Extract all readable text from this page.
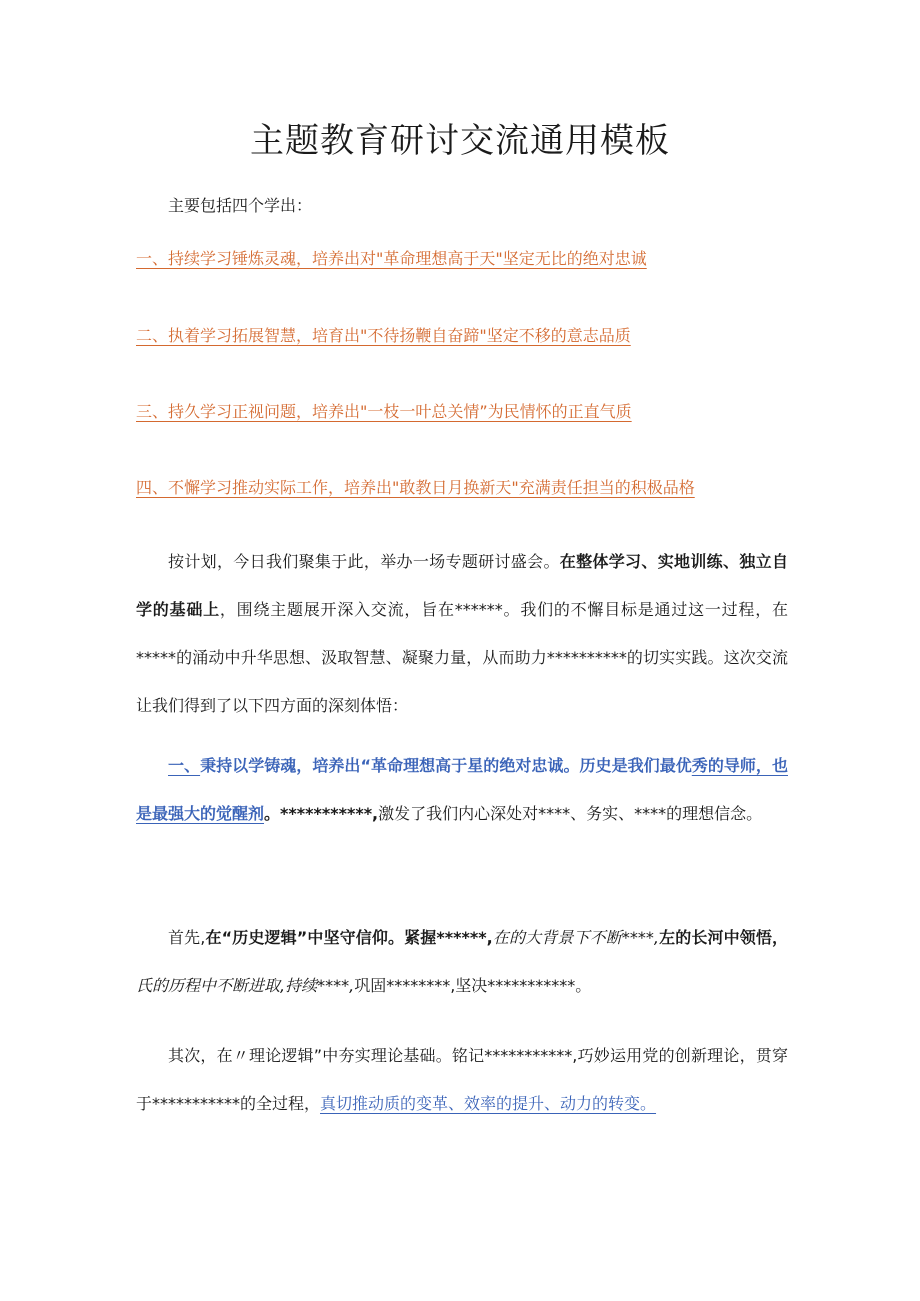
主题教育研讨交流通用模板

主要包括四个学出：

一、持续学习锤炼灵魂，培养出对"革命理想高于天"坚定无比的绝对忠诚

二、执着学习拓展智慧，培育出"不待扬鞭自奋蹄"坚定不移的意志品质

三、持久学习正视问题，培养出"一枝一叶总关情”为民情怀的正直气质

四、不懈学习推动实际工作，培养出"敢教日月换新天"充满责任担当的积极品格

按计划，今日我们聚集于此，举办一场专题研讨盛会。在整体学习、实地训练、独立自学的基础上，围绕主题展开深入交流，旨在******。我们的不懈目标是通过这一过程，在*****的涌动中升华思想、汲取智慧、凝聚力量，从而助力**********的切实实践。这次交流让我们得到了以下四方面的深刻体悟：

一、秉持以学铸魂，培养出“革命理想高于星的绝对忠诚。历史是我们最优秀的导师，也是最强大的觉醒剂。***********,激发了我们内心深处对****、务实、****的理想信念。

首先,在“历史逻辑”中坚守信仰。紧握******,在的大背景下不断****,左的长河中领悟，氏的历程中不断进取,持续****,巩固********,坚决***********。

其次，在〃理论逻辑”中夯实理论基础。铭记***********,巧妙运用党的创新理论，贯穿于***********的全过程，真切推动质的变革、效率的提升、动力的转变。
